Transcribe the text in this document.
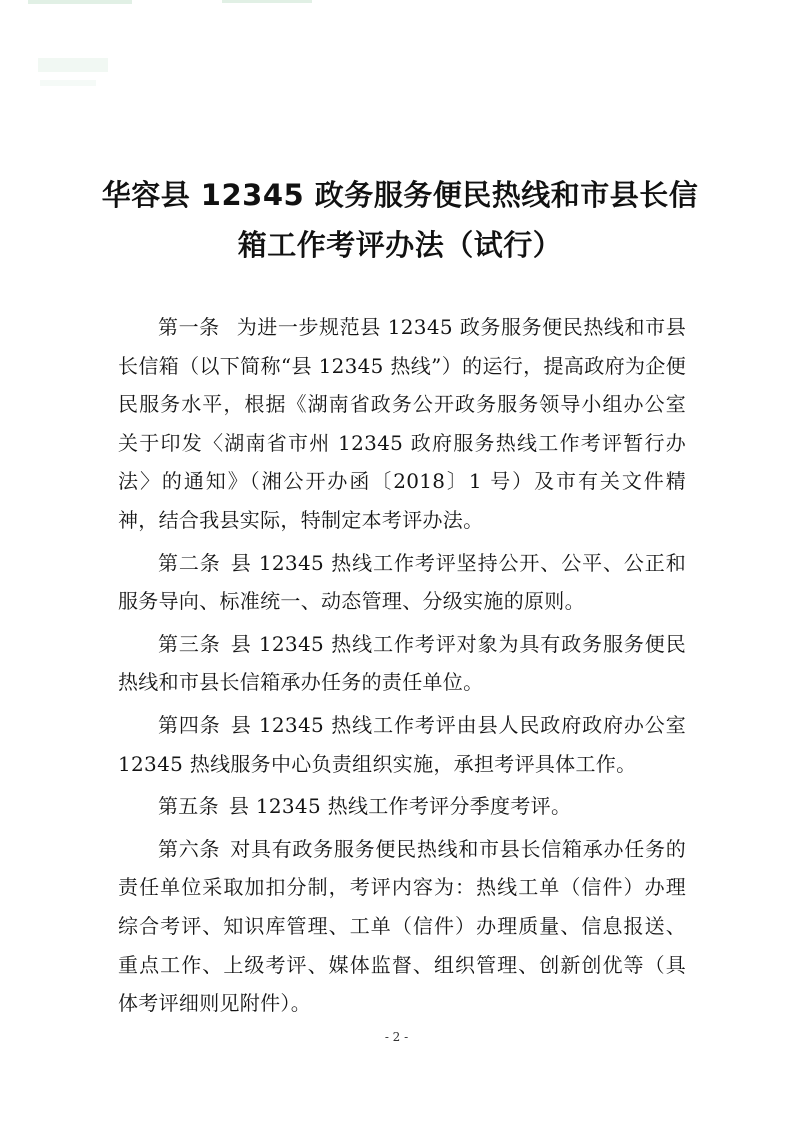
华容县 12345 政务服务便民热线和市县长信
箱工作考评办法（试行）

第一条 为进一步规范县 12345 政务服务便民热线和市县长信箱（以下简称“县 12345 热线”）的运行，提高政府为企便民服务水平，根据《湖南省政务公开政务服务领导小组办公室关于印发〈湖南省市州 12345 政府服务热线工作考评暂行办法〉的通知》（湘公开办函〔2018〕1 号）及市有关文件精神，结合我县实际，特制定本考评办法。

第二条 县 12345 热线工作考评坚持公开、公平、公正和服务导向、标准统一、动态管理、分级实施的原则。

第三条 县 12345 热线工作考评对象为具有政务服务便民热线和市县长信箱承办任务的责任单位。

第四条 县 12345 热线工作考评由县人民政府政府办公室 12345 热线服务中心负责组织实施，承担考评具体工作。

第五条 县 12345 热线工作考评分季度考评。

第六条 对具有政务服务便民热线和市县长信箱承办任务的责任单位采取加扣分制，考评内容为：热线工单（信件）办理综合考评、知识库管理、工单（信件）办理质量、信息报送、重点工作、上级考评、媒体监督、组织管理、创新创优等（具体考评细则见附件）。

- 2 -
